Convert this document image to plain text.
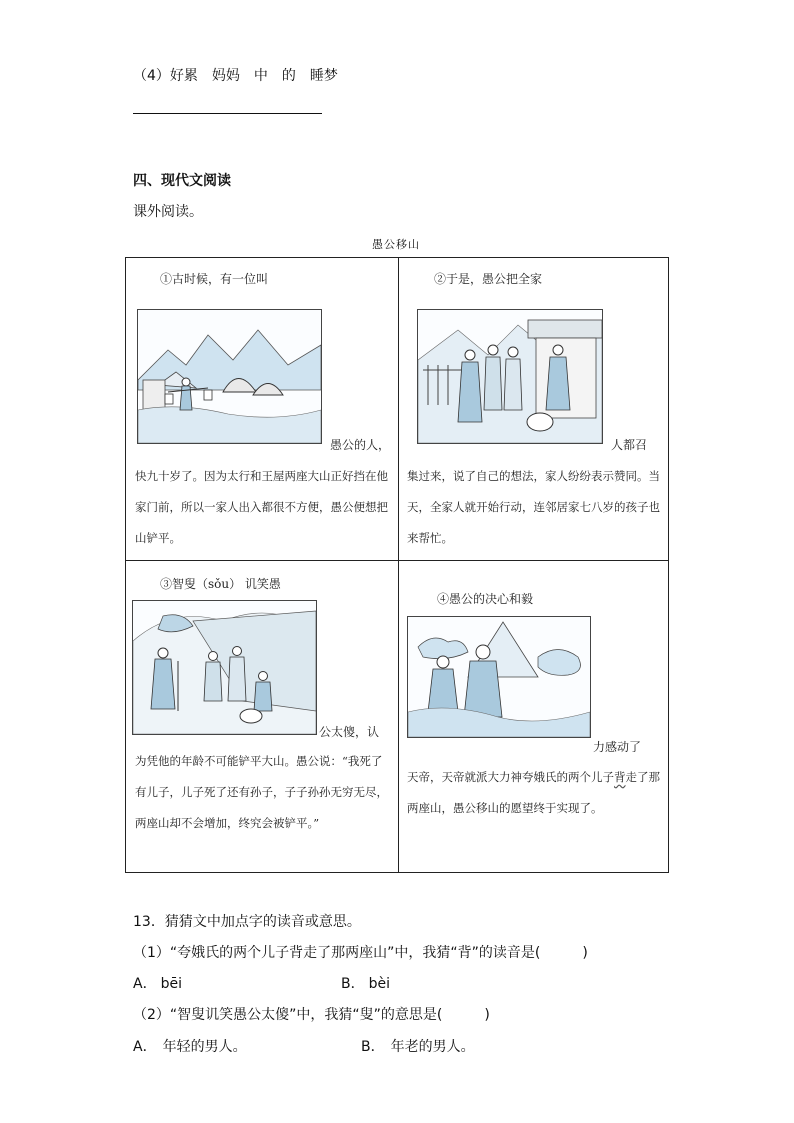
（4）好累　妈妈　中　的　睡梦
四、现代文阅读
课外阅读。
愚公移山
①古时候，有一位叫
愚公的人，
快九十岁了。因为太行和王屋两座大山正好挡在他家门前，所以一家人出入都很不方便，愚公便想把山铲平。
②于是，愚公把全家
人都召
集过来，说了自己的想法，家人纷纷表示赞同。当天，全家人就开始行动，连邻居家七八岁的孩子也来帮忙。
③智叟（sǒu） 讥笑愚
公太傻，认
为凭他的年龄不可能铲平大山。愚公说：“我死了有儿子，儿子死了还有孙子，子子孙孙无穷无尽，两座山却不会增加，终究会被铲平。”
④愚公的决心和毅
力感动了
天帝，天帝就派大力神夸娥氏的两个儿子背走了那两座山，愚公移山的愿望终于实现了。
13．猜猜文中加点字的读音或意思。
（1）“夸娥氏的两个儿子背走了那两座山”中，我猜“背”的读音是(　　　)
A． bēi	B． bèi
（2）“智叟讥笑愚公太傻”中，我猜“叟”的意思是(　　　)
A． 年轻的男人。	B． 年老的男人。
